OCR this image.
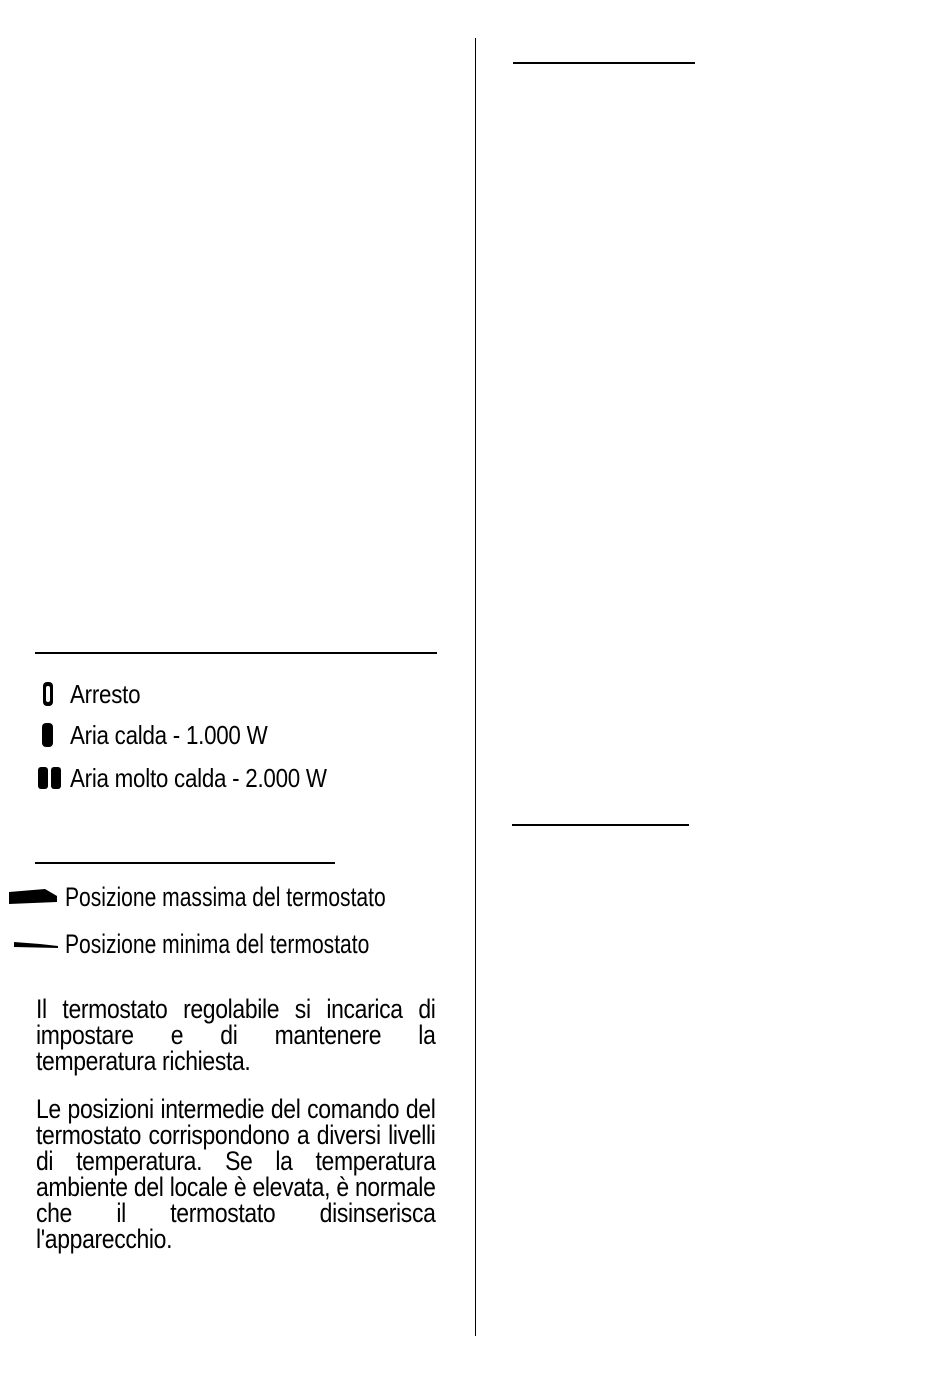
Arresto
Aria calda - 1.000 W
Aria molto calda - 2.000 W
Posizione massima del termostato
Posizione minima del termostato
Il termostato regolabile si incarica di impostare e di mantenere la temperatura richiesta.
Le posizioni intermedie del comando del termostato corrispondono a diversi livelli di temperatura. Se la temperatura ambiente del locale è elevata, è normale che il termostato disinserisca l'apparecchio.
